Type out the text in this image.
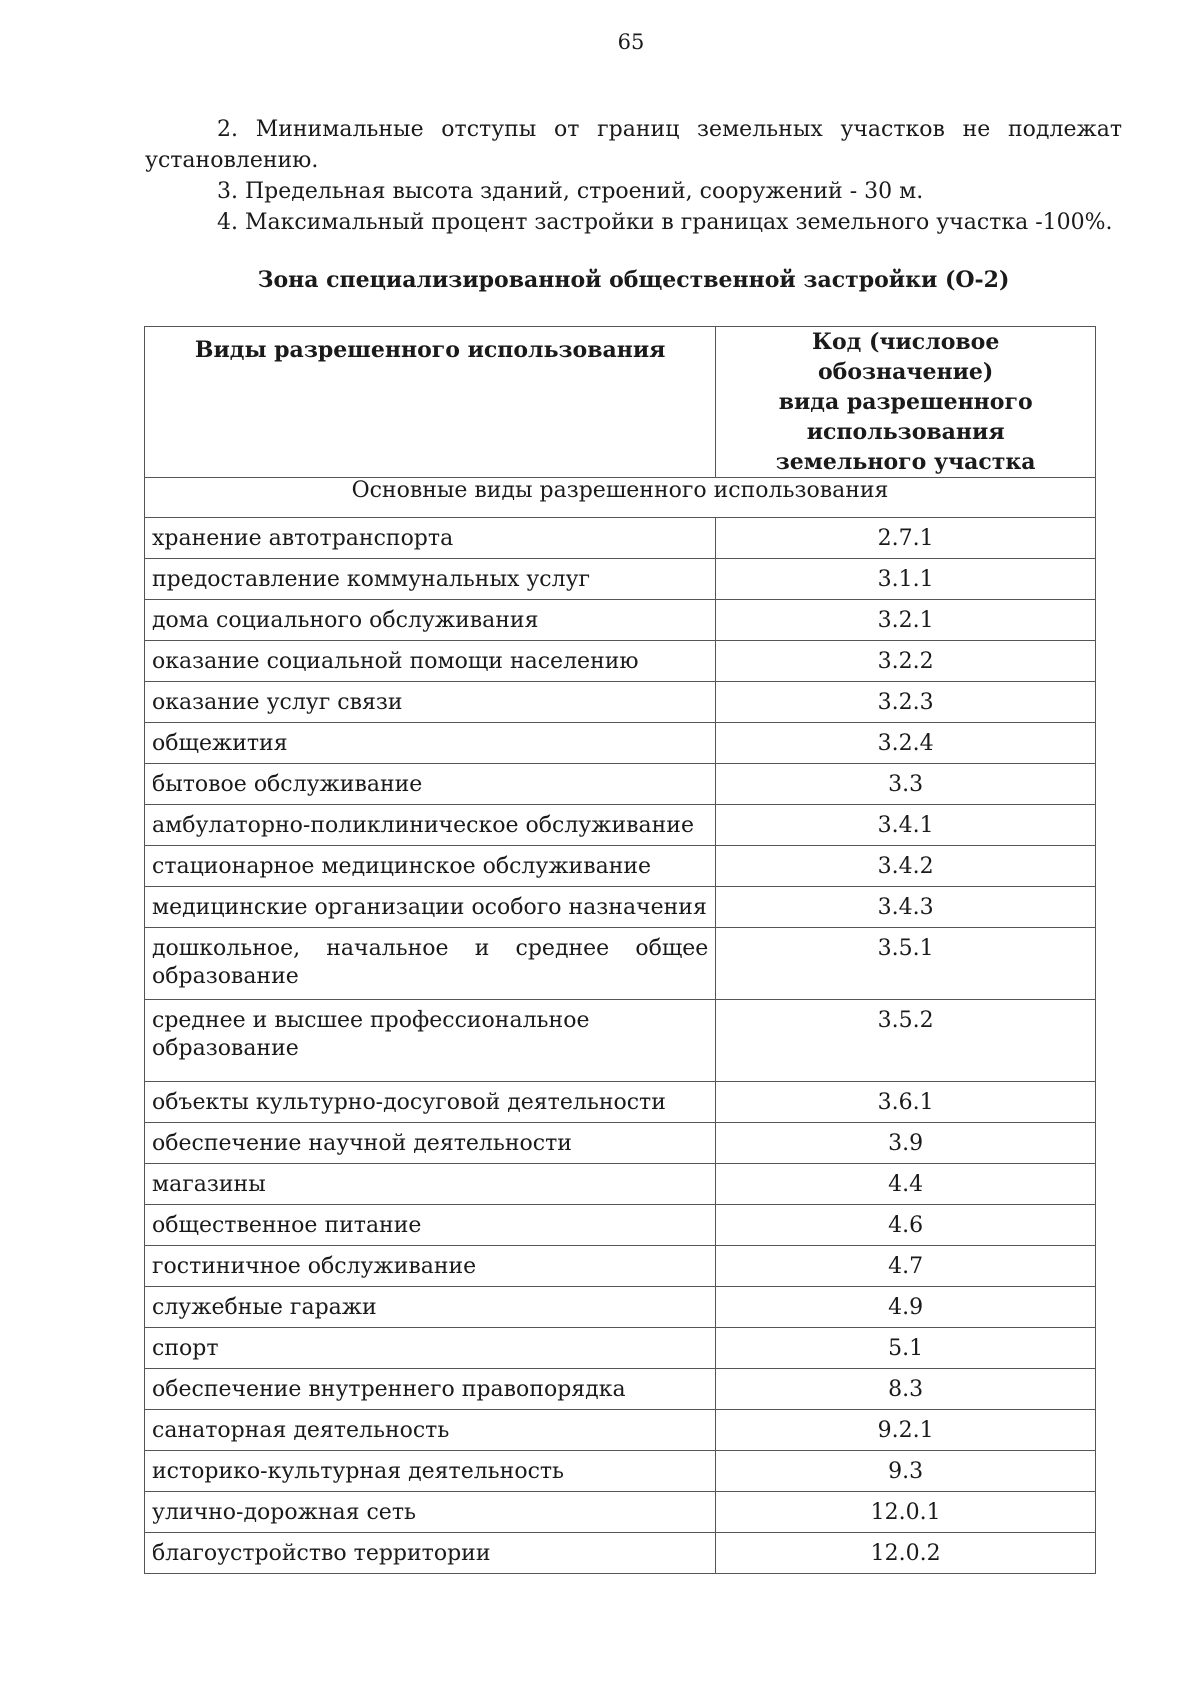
65

2. Минимальные отступы от границ земельных участков не подлежат установлению.

3. Предельная высота зданий, строений, сооружений - 30 м.

4. Максимальный процент застройки в границах земельного участка -100%.

Зона специализированной общественной застройки (О-2)
Виды разрешенного использования	Код (числовое обозначение)
вида разрешенного
использования
земельного участка

Основные виды разрешенного использования	
хранение автотранспорта	2.7.1
предоставление коммунальных услуг	3.1.1
дома социального обслуживания	3.2.1
оказание социальной помощи населению	3.2.2
оказание услуг связи	3.2.3
общежития	3.2.4
бытовое обслуживание	3.3
амбулаторно-поликлиническое обслуживание	3.4.1
стационарное медицинское обслуживание	3.4.2
медицинские организации особого назначения	3.4.3

дошкольное, начальное и среднее общее
образование	3.5.1

среднее и высшее профессиональное
образование	3.5.2
объекты культурно-досуговой деятельности	3.6.1
обеспечение научной деятельности	3.9
магазины	4.4
общественное питание	4.6
гостиничное обслуживание	4.7
служебные гаражи	4.9
спорт	5.1
обеспечение внутреннего правопорядка	8.3
санаторная деятельность	9.2.1
историко-культурная деятельность	9.3
улично-дорожная сеть	12.0.1
благоустройство территории	12.0.2
